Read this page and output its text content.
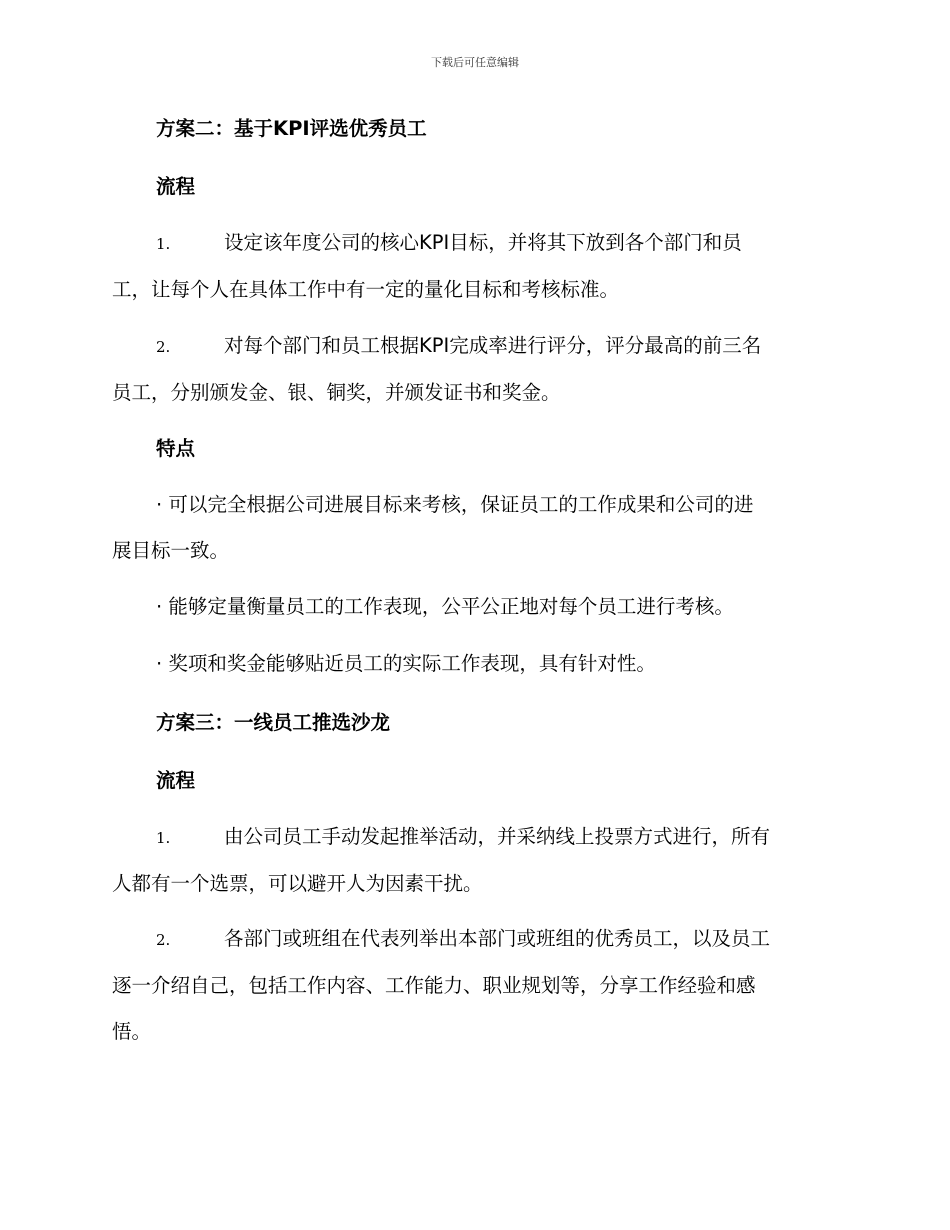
下载后可任意编辑
方案二：基于KPI评选优秀员工
流程
1.	设定该年度公司的核心KPI目标，并将其下放到各个部门和员
工，让每个人在具体工作中有一定的量化目标和考核标准。
2.	对每个部门和员工根据KPI完成率进行评分，评分最高的前三名
员工，分别颁发金、银、铜奖，并颁发证书和奖金。
特点
· 可以完全根据公司进展目标来考核，保证员工的工作成果和公司的进
展目标一致。
· 能够定量衡量员工的工作表现，公平公正地对每个员工进行考核。
· 奖项和奖金能够贴近员工的实际工作表现，具有针对性。
方案三：一线员工推选沙龙
流程
1.	由公司员工手动发起推举活动，并采纳线上投票方式进行，所有
人都有一个选票，可以避开人为因素干扰。
2.	各部门或班组在代表列举出本部门或班组的优秀员工，以及员工
逐一介绍自己，包括工作内容、工作能力、职业规划等，分享工作经验和感
悟。
